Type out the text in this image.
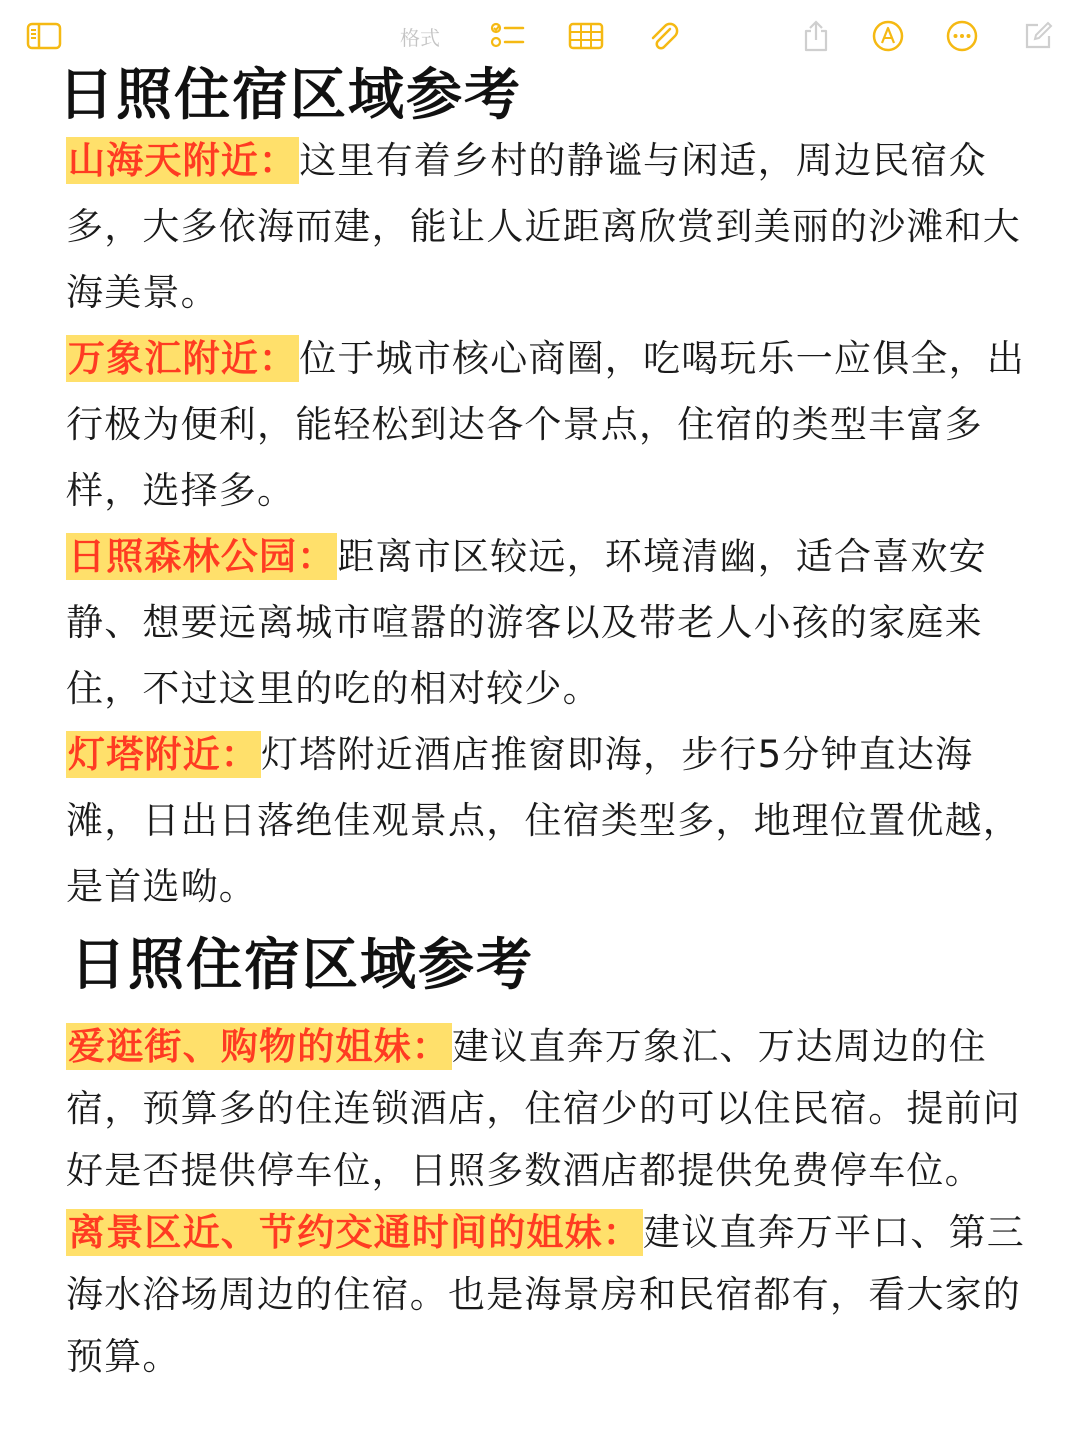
格式
日照住宿区域参考
山海天附近：这里有着乡村的静谧与闲适，周边民宿众多，大多依海而建，能让人近距离欣赏到美丽的沙滩和大海美景。
万象汇附近：位于城市核心商圈，吃喝玩乐一应俱全，出行极为便利，能轻松到达各个景点，住宿的类型丰富多样，选择多。
日照森林公园：距离市区较远，环境清幽，适合喜欢安静、想要远离城市喧嚣的游客以及带老人小孩的家庭来住，不过这里的吃的相对较少。
灯塔附近：灯塔附近酒店推窗即海，步行5分钟直达海滩，日出日落绝佳观景点，住宿类型多，地理位置优越，是首选呦。
日照住宿区域参考
爱逛街、购物的姐妹：建议直奔万象汇、万达周边的住宿，预算多的住连锁酒店，住宿少的可以住民宿。提前问好是否提供停车位，日照多数酒店都提供免费停车位。
离景区近、节约交通时间的姐妹：建议直奔万平口、第三海水浴场周边的住宿。也是海景房和民宿都有，看大家的预算。
